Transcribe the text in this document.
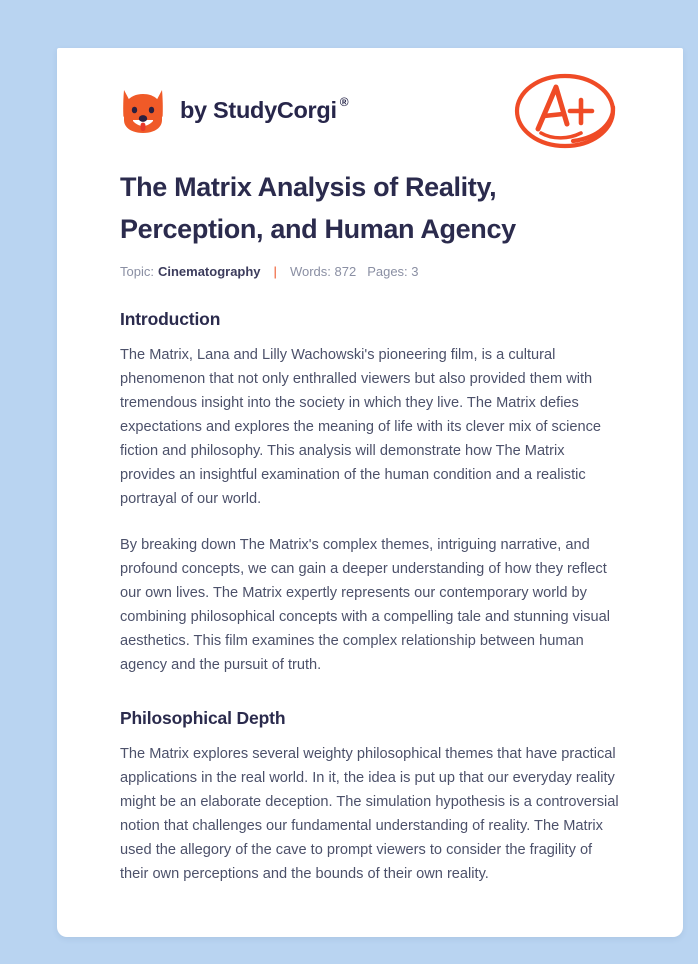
by StudyCorgi ®
The Matrix Analysis of Reality, Perception, and Human Agency
Topic: Cinematography | Words: 872 Pages: 3
Introduction

The Matrix, Lana and Lilly Wachowski's pioneering film, is a cultural phenomenon that not only enthralled viewers but also provided them with tremendous insight into the society in which they live. The Matrix defies expectations and explores the meaning of life with its clever mix of science fiction and philosophy. This analysis will demonstrate how The Matrix provides an insightful examination of the human condition and a realistic portrayal of our world.

By breaking down The Matrix's complex themes, intriguing narrative, and profound concepts, we can gain a deeper understanding of how they reflect our own lives. The Matrix expertly represents our contemporary world by combining philosophical concepts with a compelling tale and stunning visual aesthetics. This film examines the complex relationship between human agency and the pursuit of truth.

Philosophical Depth

The Matrix explores several weighty philosophical themes that have practical applications in the real world. In it, the idea is put up that our everyday reality might be an elaborate deception. The simulation hypothesis is a controversial notion that challenges our fundamental understanding of reality. The Matrix used the allegory of the cave to prompt viewers to consider the fragility of their own perceptions and the bounds of their own reality.
